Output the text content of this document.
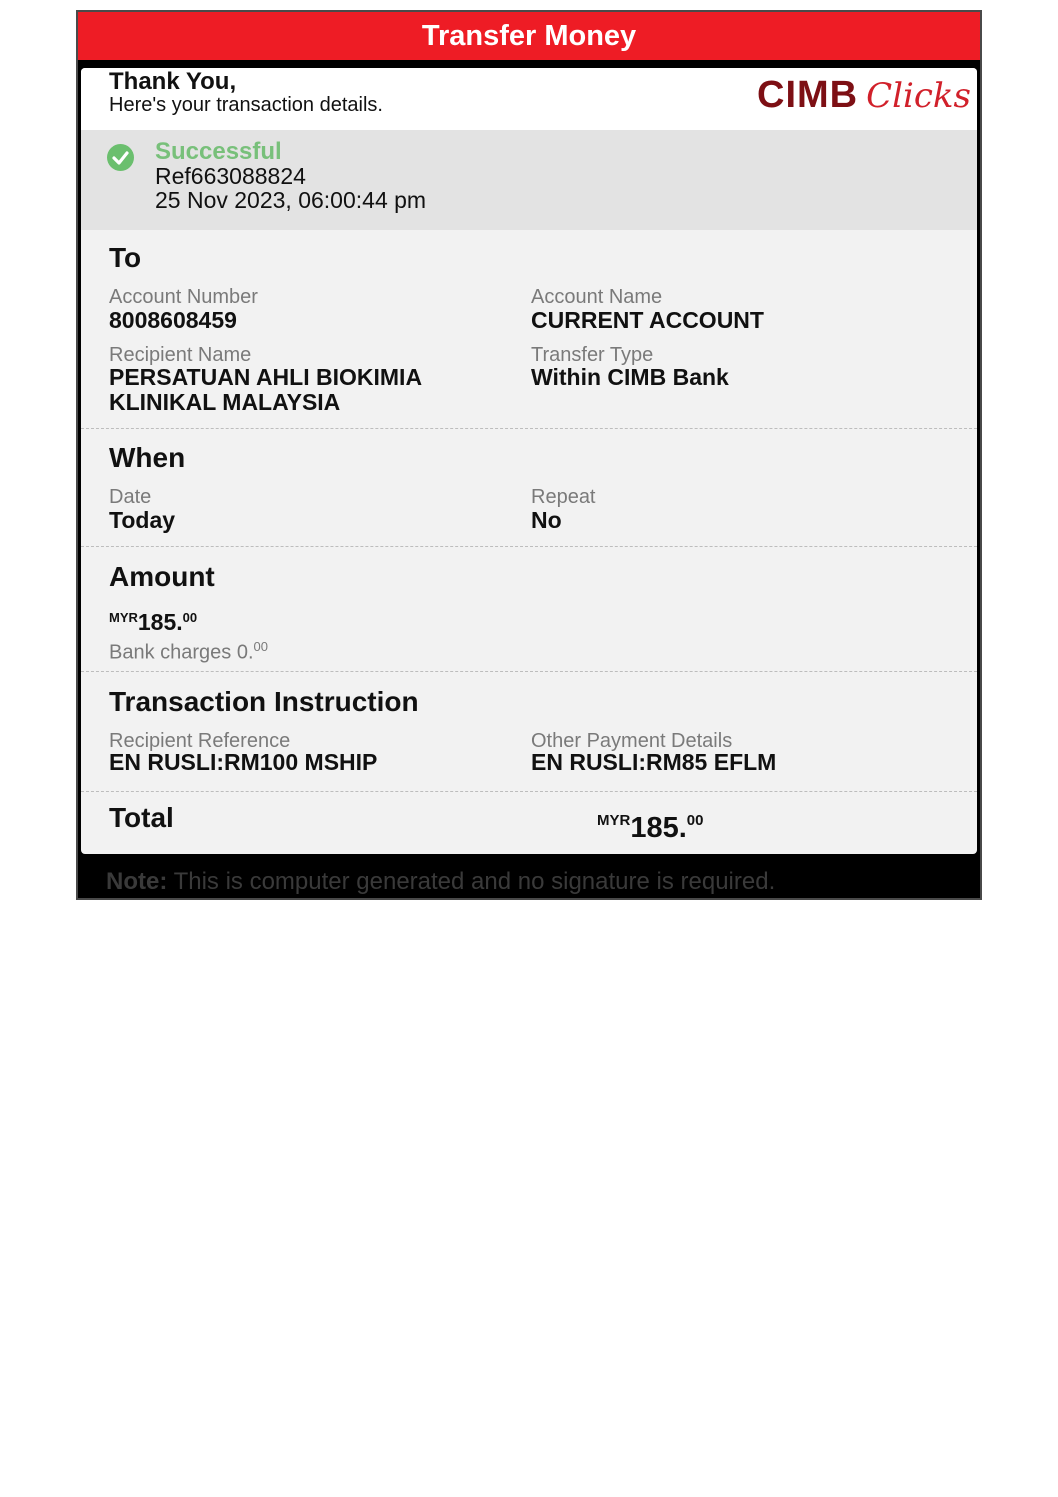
Transfer Money
Thank You,
Here's your transaction details.	CIMB Clicks
Successful
Ref663088824
25 Nov 2023, 06:00:44 pm
To
Account Number
8008608459
Account Name
CURRENT ACCOUNT
Recipient Name
PERSATUAN AHLI BIOKIMIA
KLINIKAL MALAYSIA
Transfer Type
Within CIMB Bank
When
Date
Today
Repeat
No
Amount
$^{MYR}$185.00
Bank charges 0.00
Transaction Instruction
Recipient Reference
EN RUSLI:RM100 MSHIP
Other Payment Details
EN RUSLI:RM85 EFLM
Total	$^{MYR}$185.00
Note: This is computer generated and no signature is required.
